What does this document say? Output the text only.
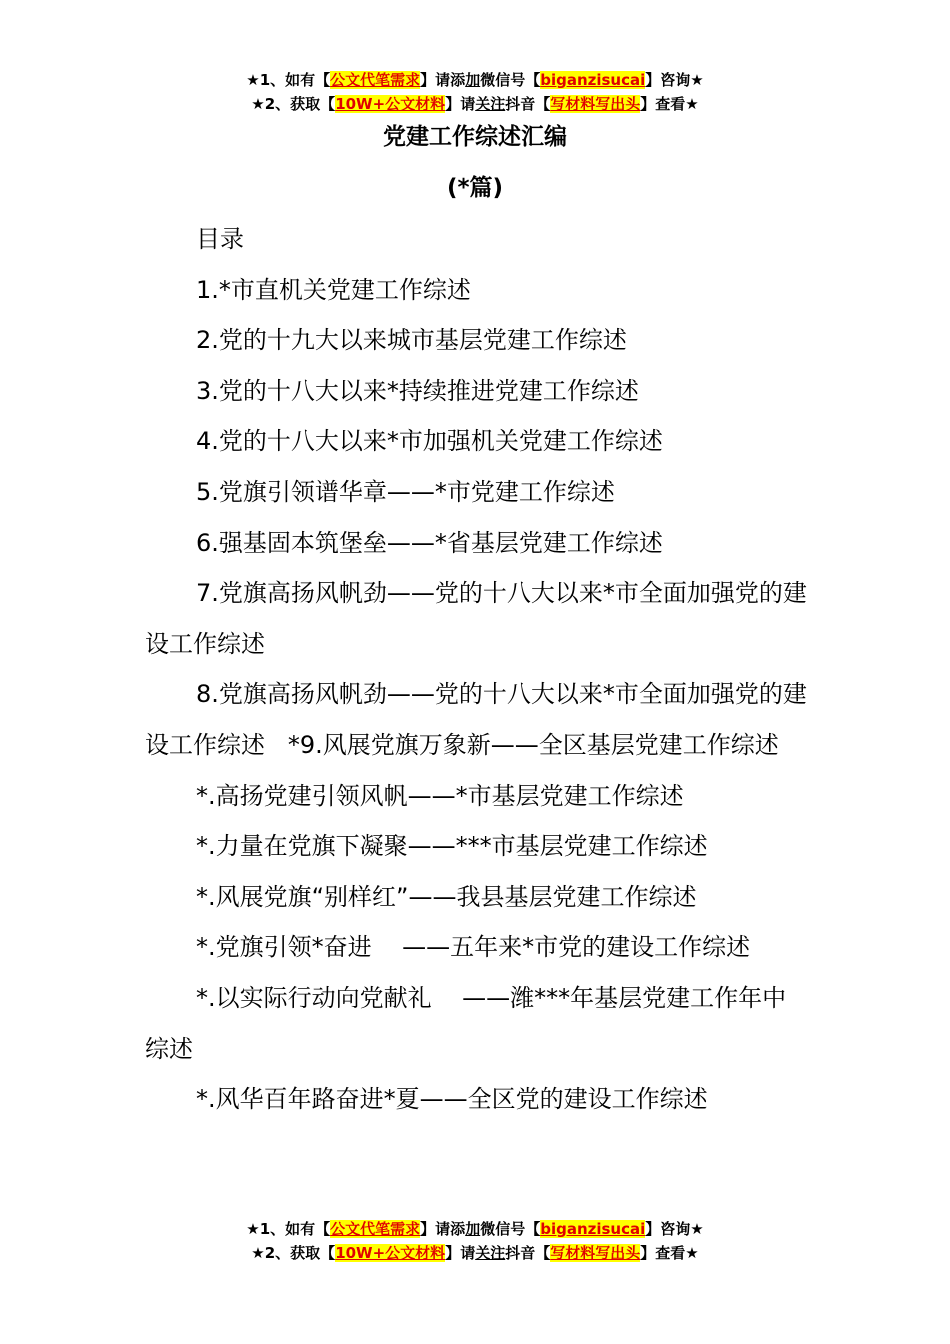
★1、如有【公文代笔需求】请添加微信号【biganzisucai】咨询★
★2、获取【10W+公文材料】请关注抖音【写材料写出头】查看★
党建工作综述汇编
(*篇)

目录

1.*市直机关党建工作综述

2.党的十九大以来城市基层党建工作综述

3.党的十八大以来*持续推进党建工作综述

4.党的十八大以来*市加强机关党建工作综述

5.党旗引领谱华章——*市党建工作综述

6.强基固本筑堡垒——*省基层党建工作综述

7.党旗高扬风帆劲——党的十八大以来*市全面加强党的建设工作综述

8.党旗高扬风帆劲——党的十八大以来*市全面加强党的建设工作综述   *9.风展党旗万象新——全区基层党建工作综述

*.高扬党建引领风帆——*市基层党建工作综述

*.力量在党旗下凝聚——***市基层党建工作综述

*.风展党旗“别样红”——我县基层党建工作综述

*.党旗引领*奋进    ——五年来*市党的建设工作综述

*.以实际行动向党献礼    ——潍***年基层党建工作年中综述

*.风华百年路奋进*夏——全区党的建设工作综述

★1、如有【公文代笔需求】请添加微信号【biganzisucai】咨询★
★2、获取【10W+公文材料】请关注抖音【写材料写出头】查看★
